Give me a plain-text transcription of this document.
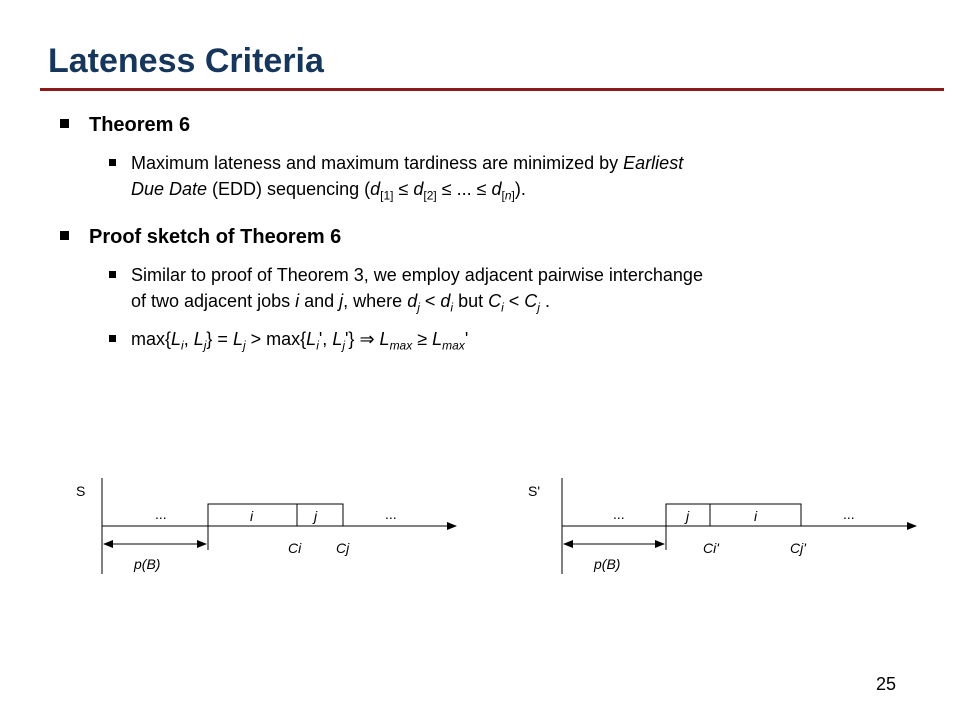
Lateness Criteria
Theorem 6
Maximum lateness and maximum tardiness are minimized by Earliest
Due Date (EDD) sequencing ($d_{[1]} \le d_{[2]}$ ≤ ... ≤ $d_{[n]}$).
Proof sketch of Theorem 6
Similar to proof of Theorem 3, we employ adjacent pairwise interchange
of two adjacent jobs i and j, where $d_j < d_i$ but $C_i < C_j$ .
$\max\{L_i$, $L_j\} = L_j > \max\{L_i'$, $L_j'$} ⇒ $L_{max} \ge L_{max}'$
S
...	i	j	...
Ci Cj
p(B)
S'
...	j	i	...
Ci'	Cj'
p(B)
25
